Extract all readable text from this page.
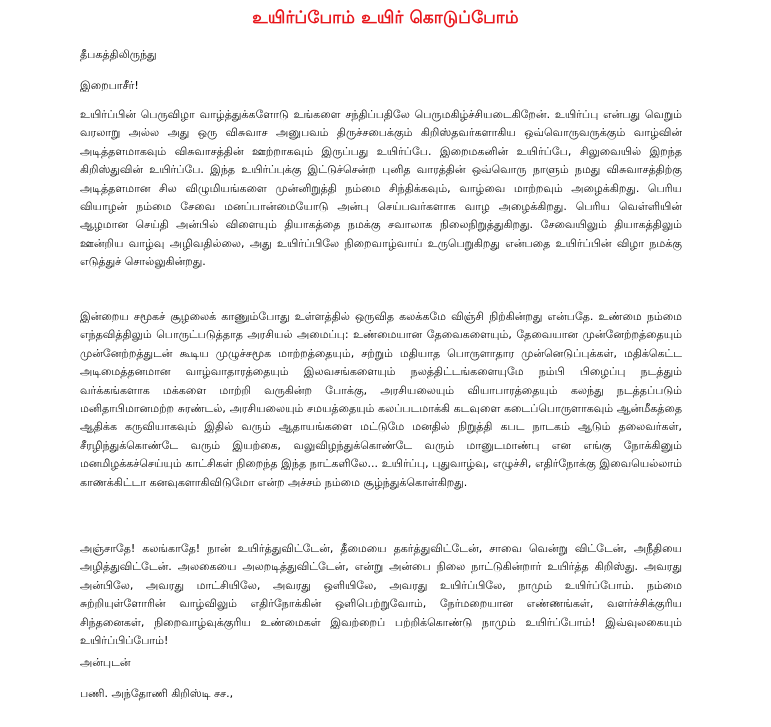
உயிர்ப்போம் உயிர் கொடுப்போம்
தீபகத்திலிருந்து
இறைபாசீர்!
உயிர்ப்பின் பெருவிழா வாழ்த்துக்களோடு உங்களை சந்திப்பதிலே பெருமகிழ்ச்சியடைகிறேன். உயிர்ப்பு என்பது வெறும் வரலாறு அல்ல அது ஒரு விசுவாச அனுபவம் திருச்சபைக்கும் கிறிஸ்தவர்களாகிய ஒவ்வொருவருக்கும் வாழ்வின் அடித்தளமாகவும் விசுவாசத்தின் ஊற்றாகவும் இருப்பது உயிர்ப்பே. இறைமகனின் உயிர்ப்பே, சிலுவையில் இறந்த கிறிஸ்துவின் உயிர்ப்பே. இந்த உயிர்ப்புக்கு இட்டுச்சென்ற புனித வாரத்தின் ஒவ்வொரு நாளும் நமது விசுவாசத்திற்கு அடித்தளமான சில விழுமியங்களை முன்னிறுத்தி நம்மை சிந்திக்கவும், வாழ்வை மாற்றவும் அழைக்கிறது. பெரிய வியாழன் நம்மை சேவை மனப்பான்மையோடு அன்பு செய்பவர்களாக வாழ அழைக்கிறது. பெரிய வெள்ளியின் ஆழமான செய்தி அன்பில் விளையும் தியாகத்தை நமக்கு சவாலாக நிலைநிறுத்துகிறது. சேவையிலும் தியாகத்திலும் ஊன்றிய வாழ்வு அழிவதில்லை, அது உயிர்ப்பிலே நிறைவாழ்வாய் உருபெறுகிறது என்பதை உயிர்ப்பின் விழா நமக்கு எடுத்துச் சொல்லுகின்றது.
இன்றைய சமூகச் சூழலைக் காணும்போது உள்ளத்தில் ஒருவித கலக்கமே விஞ்சி நிற்கின்றது என்பதே. உண்மை நம்மை எந்தவித்திலும் பொருட்படுத்தாத அரசியல் அமைப்பு: உண்மையான தேவைகளையும், தேவையான முன்னேற்றத்தையும் முன்னேற்றத்துடன் கூடிய முழுச்சமூக மாற்றத்தையும், சற்றும் மதியாத பொருளாதார முன்னெடுப்புக்கள், மதிக்கெட்ட அடிமைத்தனமான வாழ்வாதாரத்தையும் இலவசங்களையும் நலத்திட்டங்களையுமே நம்பி பிழைப்பு நடத்தும் வர்க்கங்களாக மக்களை மாற்றி வருகின்ற போக்கு, அரசியலையும் வியாபாரத்தையும் கலந்து நடத்தப்படும் மனிதாபிமானமற்ற சுரண்டல், அரசியலையும் சமயத்தையும் கலப்படமாக்கி கடவுளை கடைப்பொருளாகவும் ஆன்மீகத்தை ஆதிக்க கருவியாகவும் இதில் வரும் ஆதாயங்களை மட்டுமே மனதில் நிறுத்தி கபட நாடகம் ஆடும் தலைவர்கள், சீரழிந்துக்கொண்டே வரும் இயற்கை, வலுவிழந்துக்கொண்டே வரும் மானுடமாண்பு என எங்கு நோக்கினும் மனமிழக்கச்செய்யும் காட்சிகள் நிறைந்த இந்த நாட்களிலே... உயிர்ப்பு, புதுவாழ்வு, எழுச்சி, எதிர்நோக்கு இவையெல்லாம் காணக்கிட்டா கனவுகளாகிவிடுமோ என்ற அச்சம் நம்மை சூழ்ந்துக்கொள்கிறது.
அஞ்சாதே! கலங்காதே! நான் உயிர்த்துவிட்டேன், தீமையை தகர்த்துவிட்டேன், சாவை வென்று விட்டேன், அநீதியை அழித்துவிட்டேன். அலகையை அலறடித்துவிட்டேன், என்று அன்பை நிலை நாட்டுகின்றார் உயிர்த்த கிறிஸ்து. அவரது அன்பிலே, அவரது மாட்சியிலே, அவரது ஒளியிலே, அவரது உயிர்ப்பிலே, நாமும் உயிர்ப்போம். நம்மை சுற்றியுள்ளோரின் வாழ்விலும் எதிர்நோக்கின் ஒளிபெற்றுவோம், நேர்மறையான எண்ணங்கள், வளர்ச்சிக்குரிய சிந்தனைகள், நிறைவாழ்வுக்குரிய உண்மைகள் இவற்றைப் பற்றிக்கொண்டு நாமும் உயிர்ப்போம்! இவ்வுலகையும் உயிர்ப்பிப்போம்!
அன்புடன்
பணி. அந்தோணி கிறிஸ்டி சச.,
